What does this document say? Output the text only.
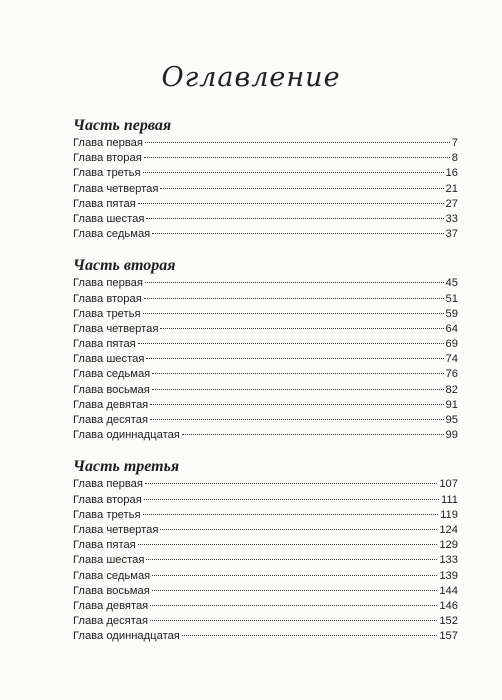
Оглавление
Часть первая
Глава первая	7
Глава вторая	8
Глава третья	16
Глава четвертая	21
Глава пятая	27
Глава шестая	33
Глава седьмая	37
Часть вторая
Глава первая	45
Глава вторая	51
Глава третья	59
Глава четвертая	64
Глава пятая	69
Глава шестая	74
Глава седьмая	76
Глава восьмая	82
Глава девятая	91
Глава десятая	95
Глава одиннадцатая	99
Часть третья
Глава первая	107
Глава вторая	111
Глава третья	119
Глава четвертая	124
Глава пятая	129
Глава шестая	133
Глава седьмая	139
Глава восьмая	144
Глава девятая	146
Глава десятая	152
Глава одиннадцатая	157
